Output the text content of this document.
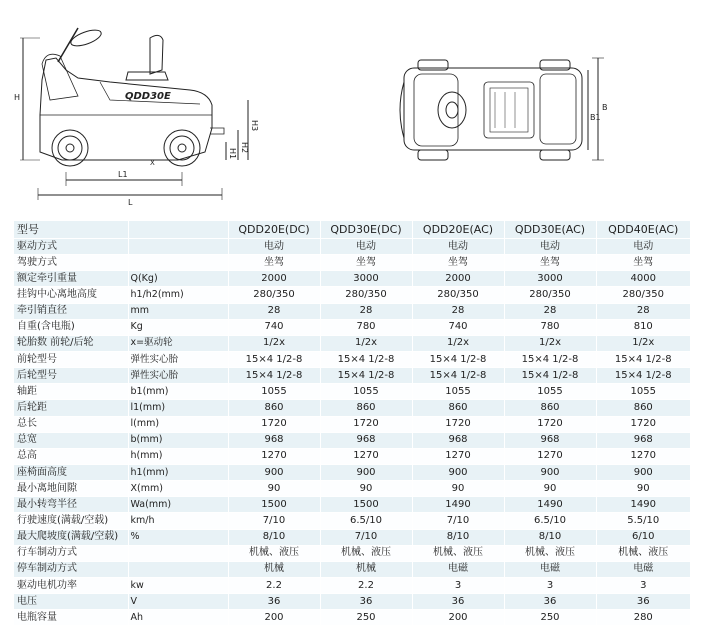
H
H3
H2
H1
L1
L
X
QDD30E
B
B1
型号		QDD20E(DC)	QDD30E(DC)	QDD20E(AC)	QDD30E(AC)	QDD40E(AC)
驱动方式		电动	电动	电动	电动	电动
驾驶方式		坐驾	坐驾	坐驾	坐驾	坐驾
额定牵引重量	Q(Kg)	2000	3000	2000	3000	4000
挂钩中心离地高度	h1/h2(mm)	280/350	280/350	280/350	280/350	280/350
牵引销直径	mm	28	28	28	28	28
自重(含电瓶)	Kg	740	780	740	780	810
轮胎数 前轮/后轮	x=驱动轮	1/2x	1/2x	1/2x	1/2x	1/2x
前轮型号	弹性实心胎	15×4 1/2-8	15×4 1/2-8	15×4 1/2-8	15×4 1/2-8	15×4 1/2-8
后轮型号	弹性实心胎	15×4 1/2-8	15×4 1/2-8	15×4 1/2-8	15×4 1/2-8	15×4 1/2-8
轴距	b1(mm)	1055	1055	1055	1055	1055
后轮距	l1(mm)	860	860	860	860	860
总长	l(mm)	1720	1720	1720	1720	1720
总宽	b(mm)	968	968	968	968	968
总高	h(mm)	1270	1270	1270	1270	1270
座椅面高度	h1(mm)	900	900	900	900	900
最小离地间隙	X(mm)	90	90	90	90	90
最小转弯半径	Wa(mm)	1500	1500	1490	1490	1490
行驶速度(满载/空载)	km/h	7/10	6.5/10	7/10	6.5/10	5.5/10
最大爬坡度(满载/空载)	%	8/10	7/10	8/10	8/10	6/10
行车制动方式		机械、液压	机械、液压	机械、液压	机械、液压	机械、液压
停车制动方式		机械	机械	电磁	电磁	电磁
驱动电机功率	kw	2.2	2.2	3	3	3
电压	V	36	36	36	36	36
电瓶容量	Ah	200	250	200	250	280
